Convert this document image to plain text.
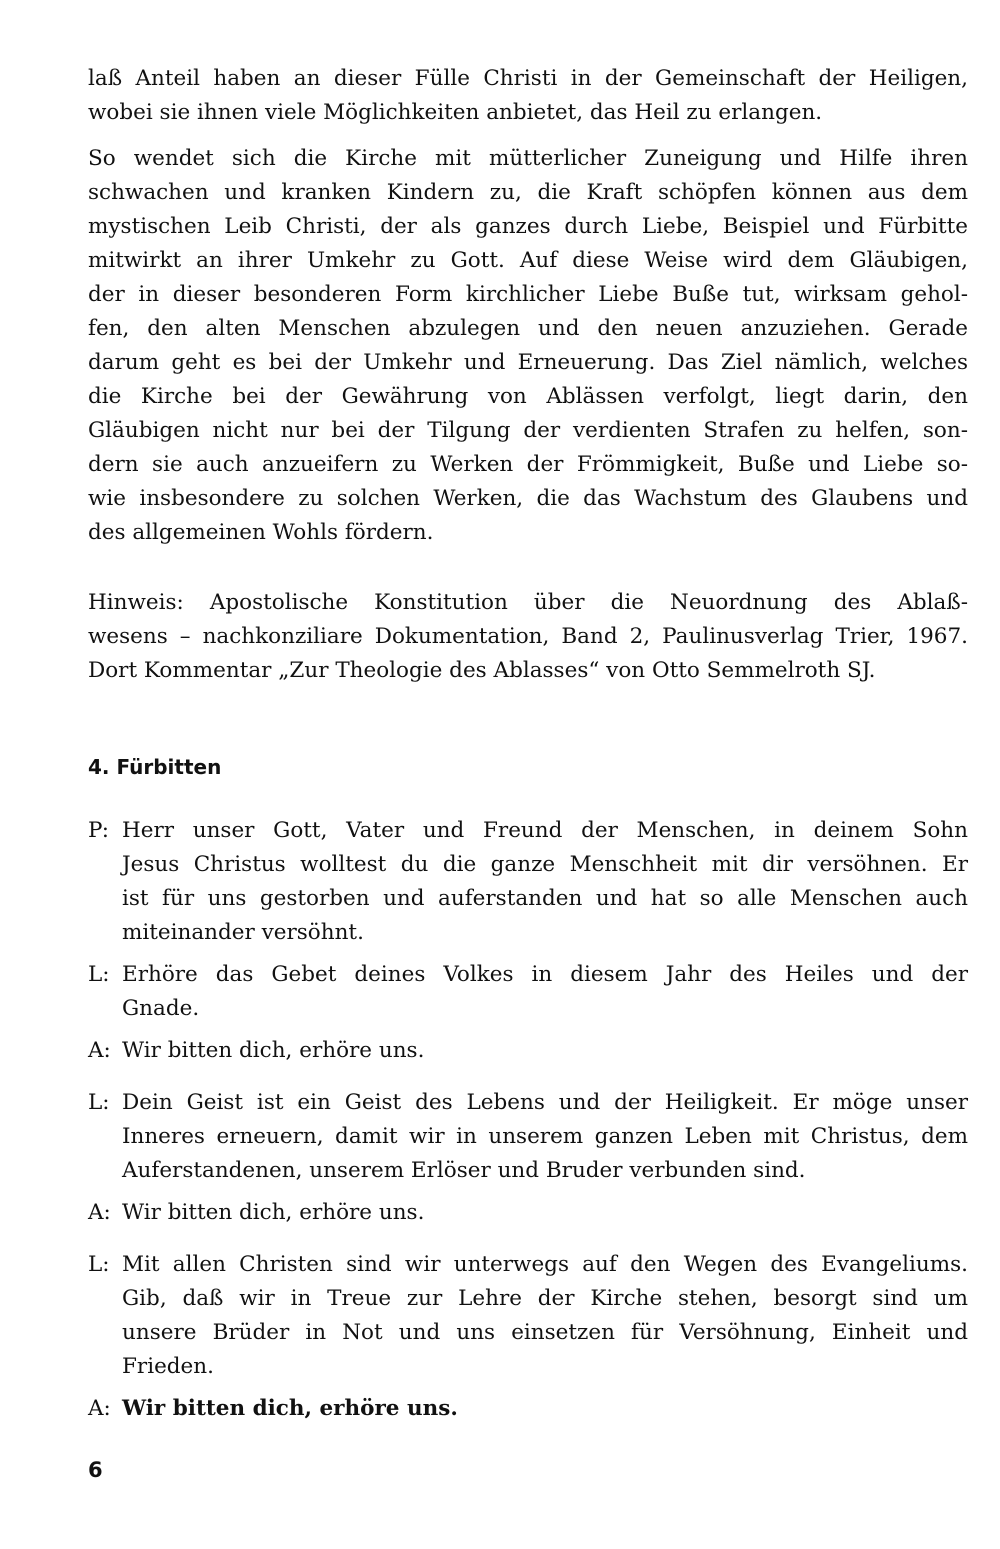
laß Anteil haben an dieser Fülle Christi in der Gemeinschaft der Heiligen,
wobei sie ihnen viele Möglichkeiten anbietet, das Heil zu erlangen.

So wendet sich die Kirche mit mütterlicher Zuneigung und Hilfe ihren
schwachen und kranken Kindern zu, die Kraft schöpfen können aus dem
mystischen Leib Christi, der als ganzes durch Liebe, Beispiel und Fürbitte
mitwirkt an ihrer Umkehr zu Gott. Auf diese Weise wird dem Gläubigen,
der in dieser besonderen Form kirchlicher Liebe Buße tut, wirksam gehol-
fen, den alten Menschen abzulegen und den neuen anzuziehen. Gerade
darum geht es bei der Umkehr und Erneuerung. Das Ziel nämlich, welches
die Kirche bei der Gewährung von Ablässen verfolgt, liegt darin, den
Gläubigen nicht nur bei der Tilgung der verdienten Strafen zu helfen, son-
dern sie auch anzueifern zu Werken der Frömmigkeit, Buße und Liebe so-
wie insbesondere zu solchen Werken, die das Wachstum des Glaubens und
des allgemeinen Wohls fördern.

Hinweis: Apostolische Konstitution über die Neuordnung des Ablaß-
wesens – nachkonziliare Dokumentation, Band 2, Paulinusverlag Trier, 1967.
Dort Kommentar „Zur Theologie des Ablasses“ von Otto Semmelroth SJ.

4. Fürbitten
P: Herr unser Gott, Vater und Freund der Menschen, in deinem Sohn
Jesus Christus wolltest du die ganze Menschheit mit dir versöhnen. Er
ist für uns gestorben und auferstanden und hat so alle Menschen auch
miteinander versöhnt.

L: Erhöre das Gebet deines Volkes in diesem Jahr des Heiles und der
Gnade.

A: Wir bitten dich, erhöre uns.

L: Dein Geist ist ein Geist des Lebens und der Heiligkeit. Er möge unser
Inneres erneuern, damit wir in unserem ganzen Leben mit Christus, dem
Auferstandenen, unserem Erlöser und Bruder verbunden sind.

A: Wir bitten dich, erhöre uns.

L: Mit allen Christen sind wir unterwegs auf den Wegen des Evangeliums.
Gib, daß wir in Treue zur Lehre der Kirche stehen, besorgt sind um
unsere Brüder in Not und uns einsetzen für Versöhnung, Einheit und
Frieden.

A: Wir bitten dich, erhöre uns.

6
